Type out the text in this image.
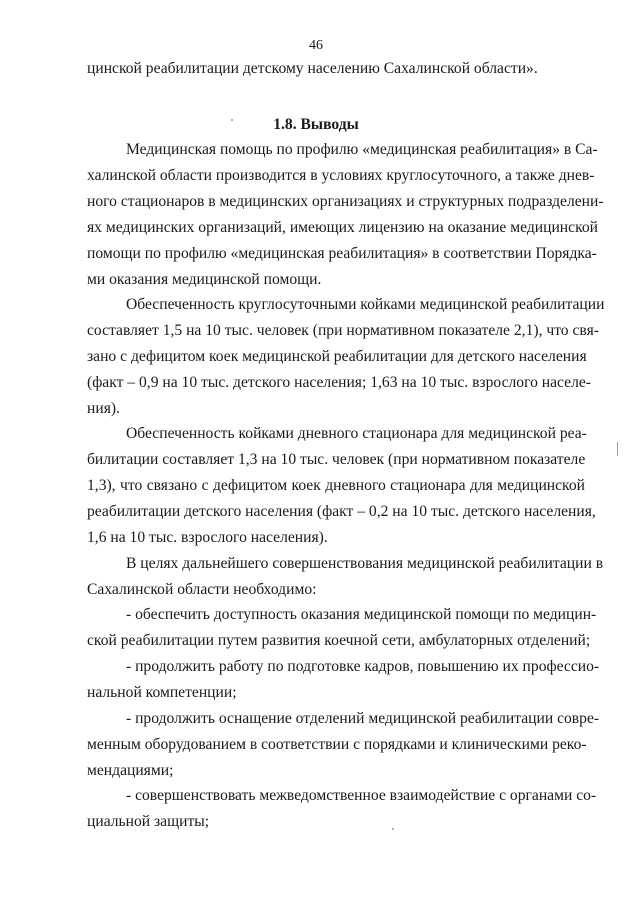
46
цинской реабилитации детскому населению Сахалинской области».
1.8. Выводы
Медицинская помощь по профилю «медицинская реабилитация» в Са-
халинской области производится в условиях круглосуточного, а также днев-
ного стационаров в медицинских организациях и структурных подразделени-
ях медицинских организаций, имеющих лицензию на оказание медицинской
помощи по профилю «медицинская реабилитация» в соответствии Порядка-
ми оказания медицинской помощи.
Обеспеченность круглосуточными койками медицинской реабилитации
составляет 1,5 на 10 тыс. человек (при нормативном показателе 2,1), что свя-
зано с дефицитом коек медицинской реабилитации для детского населения
(факт – 0,9 на 10 тыс. детского населения; 1,63 на 10 тыс. взрослого населе-
ния).
Обеспеченность койками дневного стационара для медицинской реа-
билитации составляет 1,3 на 10 тыс. человек (при нормативном показателе
1,3), что связано с дефицитом коек дневного стационара для медицинской
реабилитации детского населения (факт – 0,2 на 10 тыс. детского населения,
1,6 на 10 тыс. взрослого населения).
В целях дальнейшего совершенствования медицинской реабилитации в
Сахалинской области необходимо:
- обеспечить доступность оказания медицинской помощи по медицин-
ской реабилитации путем развития коечной сети, амбулаторных отделений;
- продолжить работу по подготовке кадров, повышению их профессио-
нальной компетенции;
- продолжить оснащение отделений медицинской реабилитации совре-
менным оборудованием в соответствии с порядками и клиническими реко-
мендациями;
- совершенствовать межведомственное взаимодействие с органами со-
циальной защиты;
